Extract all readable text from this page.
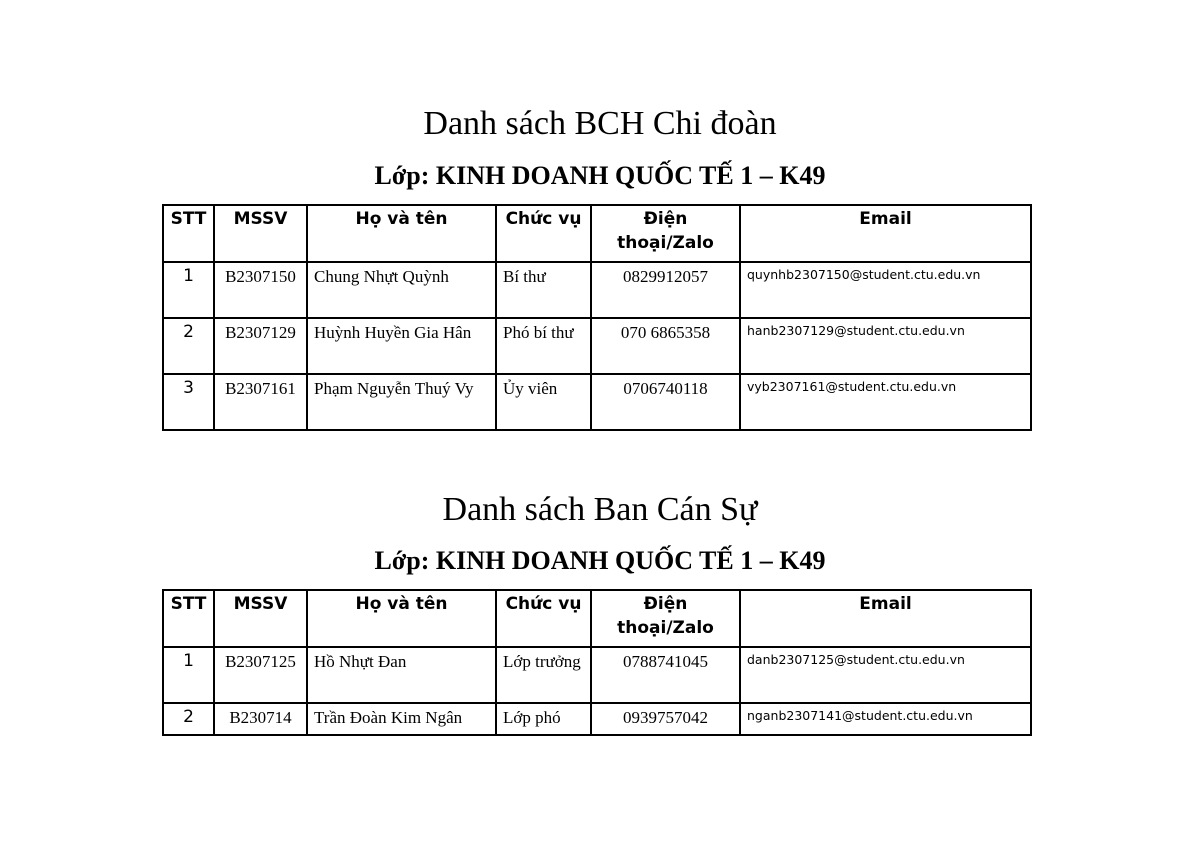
Danh sách BCH Chi đoàn
Lớp: KINH DOANH QUỐC TẾ 1 – K49
STT	MSSV	Họ và tên	Chức vụ	Điện thoại/Zalo	Email
1	B2307150	Chung Nhựt Quỳnh	Bí thư	0829912057	quynhb2307150@student.ctu.edu.vn
2	B2307129	Huỳnh Huyền Gia Hân	Phó bí thư	070 6865358	hanb2307129@student.ctu.edu.vn
3	B2307161	Phạm Nguyễn Thuý Vy	Ủy viên	0706740118	vyb2307161@student.ctu.edu.vn
Danh sách Ban Cán Sự
Lớp: KINH DOANH QUỐC TẾ 1 – K49
STT	MSSV	Họ và tên	Chức vụ	Điện thoại/Zalo	Email
1	B2307125	Hồ Nhựt Đan	Lớp trưởng	0788741045	danb2307125@student.ctu.edu.vn
2	B230714	Trần Đoàn Kim Ngân	Lớp phó	0939757042	nganb2307141@student.ctu.edu.vn
